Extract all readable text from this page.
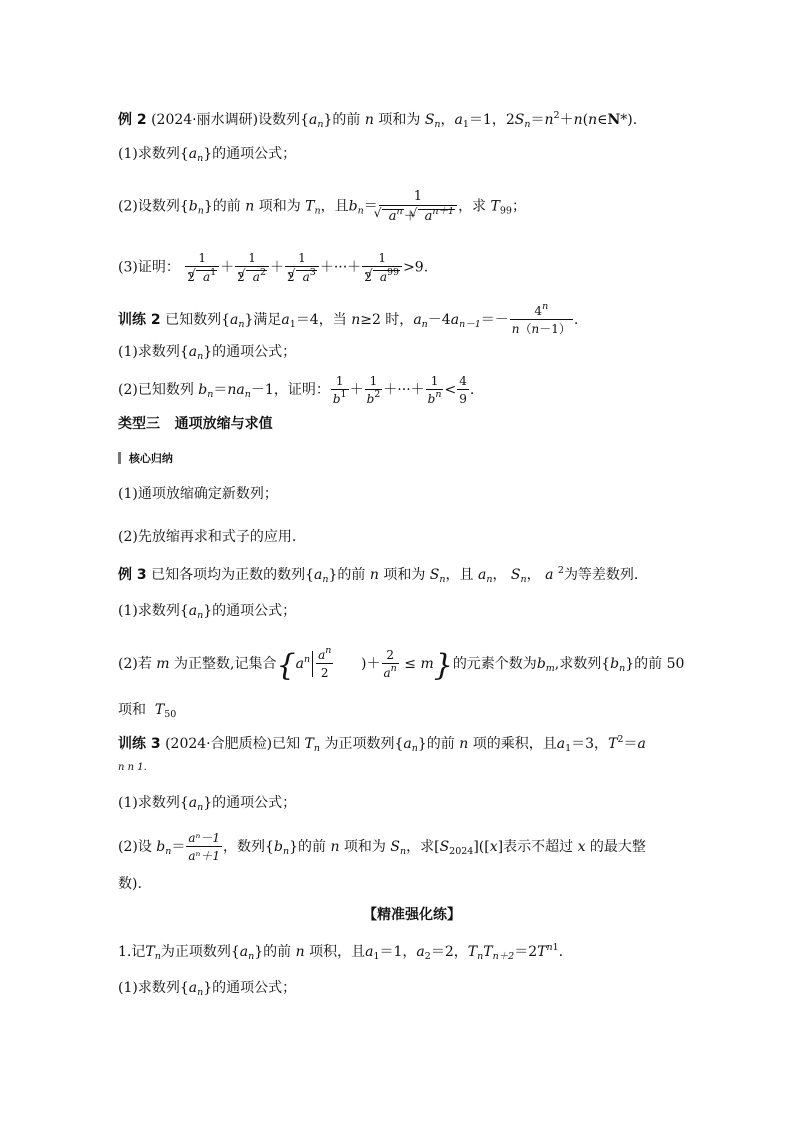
例 2 (2024·丽水调研)设数列$\{a_n\}$的前 n 项和为 $S_n$，$a_1=1$，$2S_n=n^2+n(n\in N*)$.
(1)求数列$\{a_n\}$的通项公式；
(2)设数列$\{b_n\}$的前 n 项和为 $T_n$，且$b_n= 1$
√ $a^n+√$ $a^{n+1}$ ，求 $T_{99}$；
(3)证明： $\frac{1}{2√ a^1} + \frac{1}{2√ a^2} + \frac{1}{2√ a^3}$ ＋···＋ $\frac{1}{2√ a^{99}} >9$.
训练 2 已知数列$\{a_n\}$满足$a_1=4$，当 n≥2 时，$a_n-4a_{n-1}=- \frac{4^n}{n(n-1)}$ .
(1)求数列$\{a_n\}$的通项公式；
(2)已知数列 $b_n=na_n-1$，证明： $\frac{1}{b^1} + \frac{1}{b^2}$ ＋···＋ $\frac{1}{b^n} < \frac{4}{9}$ .
类型三 通项放缩与求值
核心归纳
(1)通项放缩确定新数列；
(2)先放缩再求和式子的应用.
例 3 已知各项均为正数的数列$\{a_n\}$的前 n 项和为 $S_n$，且 $a_n$， $S_n$， a $^2$为等差数列.
(1)求数列$\{a_n\}$的通项公式；
(2)若 m 为正整数,记集合{$a^n \frac{a^n}{2}$ )＋ $\frac{2}{a^n} \le m$}的元素个数为$b_m$,求数列$\{b_n\}$的前 50
项和 $T_{50}$
训练 3 (2024·合肥质检)已知 $T_n$ 为正项数列$\{a_n\}$的前 n 项的乘积，且$a_1=3$，$T^2=a$
n n 1.
(1)求数列$\{a_n\}$的通项公式；
(2)设 $b_n= \frac{\text{aⁿ－1}}{\text{aⁿ＋1}}$ ，数列$\{b_n\}$的前 n 项和为 $S_n$，求$[S_{2024}]([x]$表示不超过 x 的最大整
数).
【精准强化练】
1.记$T_n$为正项数列$\{a_n\}$的前 n 项积，且$a_1=1$，$a_2=2$，$T_nT_{n+2}=2T^{n1}$.
(1)求数列$\{a_n\}$的通项公式；
